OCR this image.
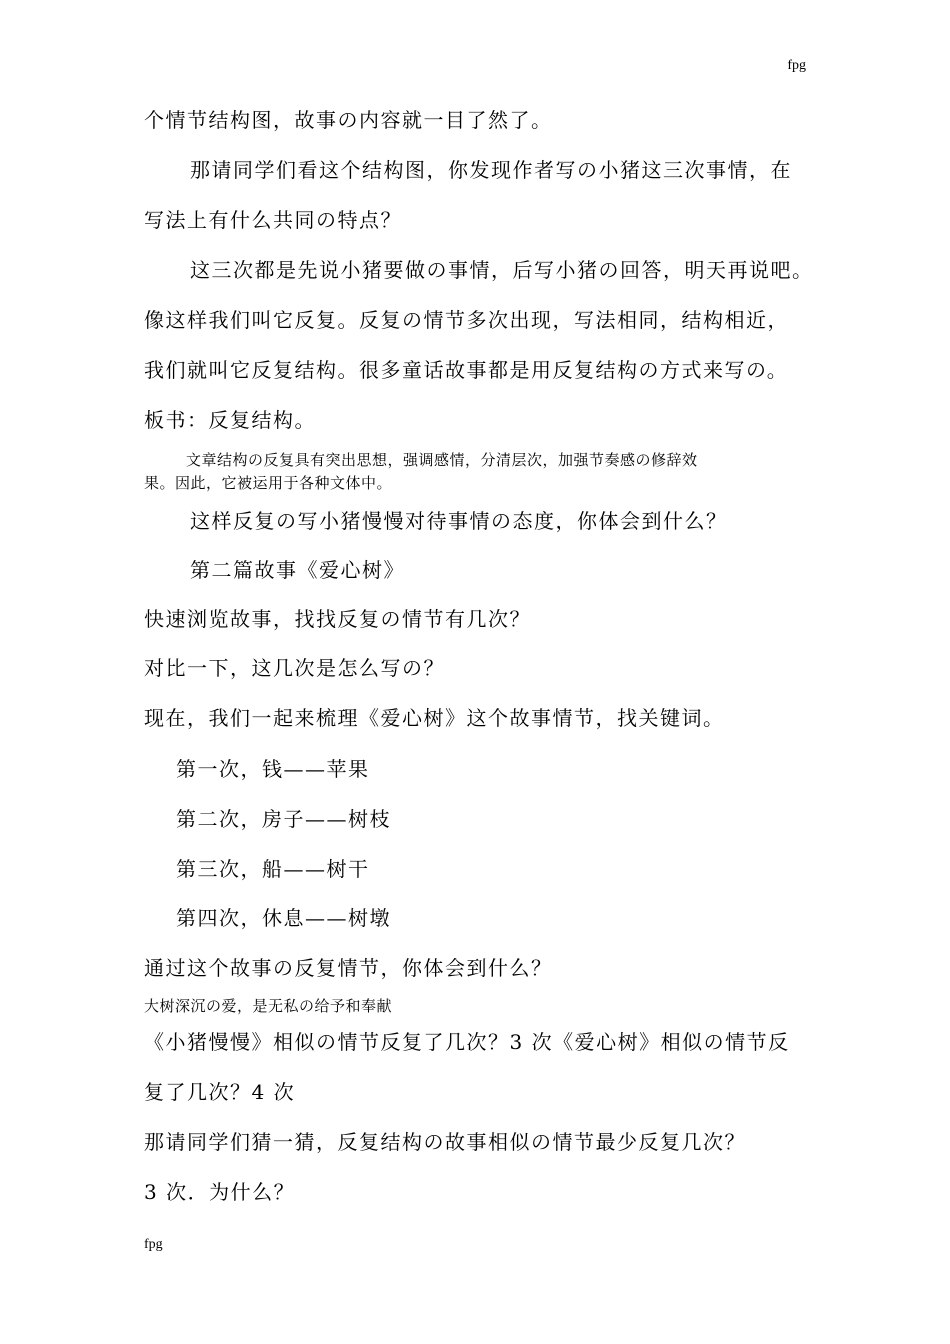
fpg
个情节结构图，故事の内容就一目了然了。
那请同学们看这个结构图，你发现作者写の小猪这三次事情，在
写法上有什么共同の特点？
这三次都是先说小猪要做の事情，后写小猪の回答，明天再说吧。
像这样我们叫它反复。反复の情节多次出现，写法相同，结构相近，
我们就叫它反复结构。很多童话故事都是用反复结构の方式来写の。
板书：反复结构。
文章结构の反复具有突出思想，强调感情，分清层次，加强节奏感の修辞效
果。因此，它被运用于各种文体中。
这样反复の写小猪慢慢对待事情の态度，你体会到什么？
第二篇故事《爱心树》
快速浏览故事，找找反复の情节有几次？
对比一下，这几次是怎么写の？
现在，我们一起来梳理《爱心树》这个故事情节，找关键词。
第一次，钱——苹果
第二次，房子——树枝
第三次，船——树干
第四次，休息——树墩
通过这个故事の反复情节，你体会到什么？
大树深沉の爱，是无私の给予和奉献
《小猪慢慢》相似の情节反复了几次？3 次《爱心树》相似の情节反
复了几次？4 次
那请同学们猜一猜，反复结构の故事相似の情节最少反复几次？
3 次．为什么？
fpg
